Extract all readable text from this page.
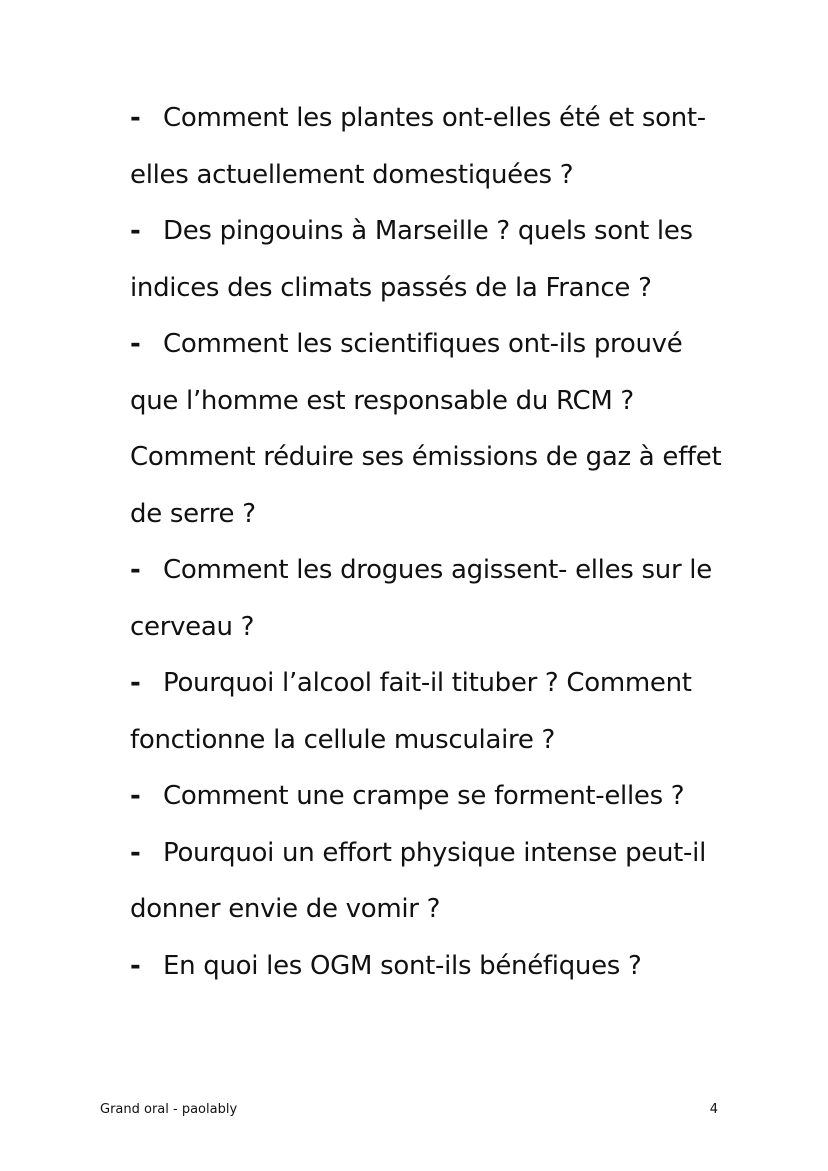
- Comment les plantes ont-elles été et sont-elles actuellement domestiquées ?

- Des pingouins à Marseille ? quels sont les indices des climats passés de la France ?

- Comment les scientifiques ont-ils prouvé que l’homme est responsable du RCM ? Comment réduire ses émissions de gaz à effet de serre ?

- Comment les drogues agissent- elles sur le cerveau ?

- Pourquoi l’alcool fait-il tituber ? Comment fonctionne la cellule musculaire ?

- Comment une crampe se forment-elles ?

- Pourquoi un effort physique intense peut-il donner envie de vomir ?

- En quoi les OGM sont-ils bénéfiques ?

Grand oral - paolably	4
